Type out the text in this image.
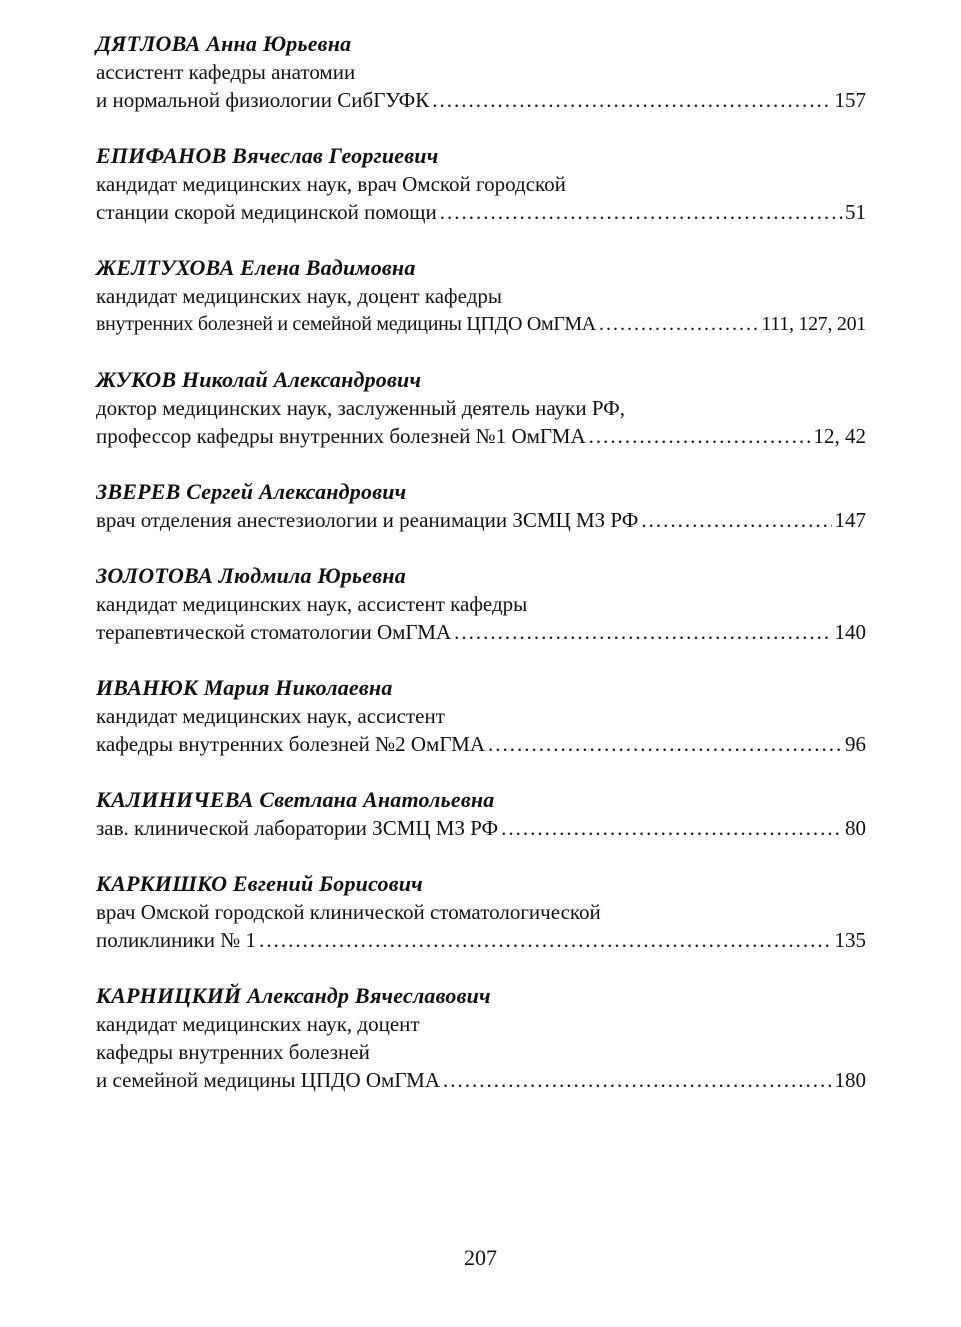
ДЯТЛОВА Анна Юрьевна
ассистент кафедры анатомии
и нормальной физиологии СибГУФК .....	157
ЕПИФАНОВ Вячеслав Георгиевич
кандидат медицинских наук, врач Омской городской
станции скорой медицинской помощи .....	51
ЖЕЛТУХОВА Елена Вадимовна
кандидат медицинских наук, доцент кафедры
внутренних болезней и семейной медицины ЦПДО ОмГМА .....	111, 127, 201
ЖУКОВ Николай Александрович
доктор медицинских наук, заслуженный деятель науки РФ,
профессор кафедры внутренних болезней №1 ОмГМА .....	12, 42
ЗВЕРЕВ Сергей Александрович
врач отделения анестезиологии и реанимации ЗСМЦ МЗ РФ .....	147
ЗОЛОТОВА Людмила Юрьевна
кандидат медицинских наук, ассистент кафедры
терапевтической стоматологии ОмГМА .....	140
ИВАНЮК Мария Николаевна
кандидат медицинских наук, ассистент
кафедры внутренних болезней №2 ОмГМА .....	96
КАЛИНИЧЕВА Светлана Анатольевна
зав. клинической лаборатории ЗСМЦ МЗ РФ .....	80
КАРКИШКО Евгений Борисович
врач Омской городской клинической стоматологической
поликлиники № 1 .....	135
КАРНИЦКИЙ Александр Вячеславович
кандидат медицинских наук, доцент
кафедры внутренних болезней
и семейной медицины ЦПДО ОмГМА .....	180
207
